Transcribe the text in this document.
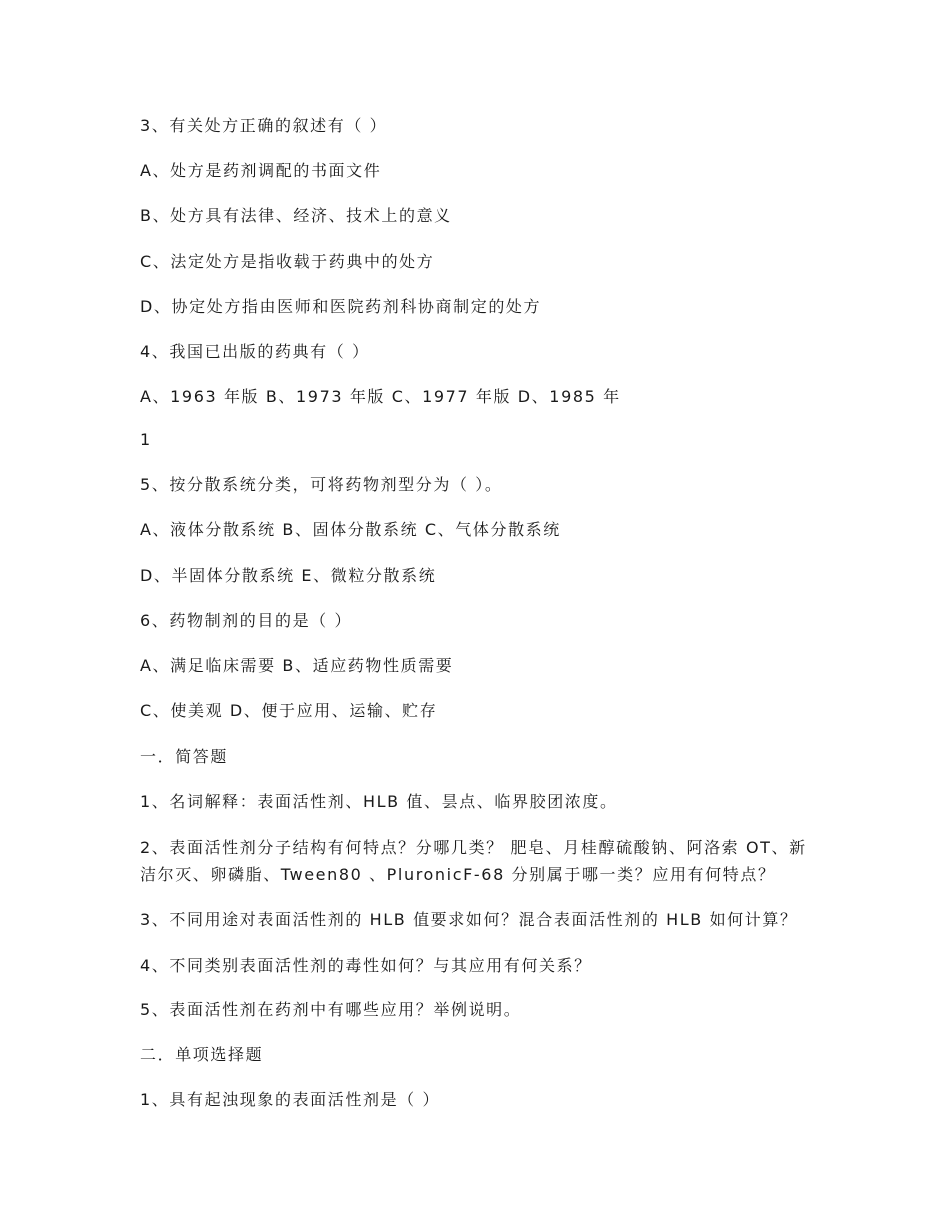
3、有关处方正确的叙述有（ ）
A、处方是药剂调配的书面文件
B、处方具有法律、经济、技术上的意义
C、法定处方是指收载于药典中的处方
D、协定处方指由医师和医院药剂科协商制定的处方
4、我国已出版的药典有（ ）
A、1963 年版 B、1973 年版 C、1977 年版 D、1985 年
1
5、按分散系统分类，可将药物剂型分为（ ）。
A、液体分散系统 B、固体分散系统 C、气体分散系统
D、半固体分散系统 E、微粒分散系统
6、药物制剂的目的是（ ）
A、满足临床需要 B、适应药物性质需要
C、使美观 D、便于应用、运输、贮存
一．简答题
1、名词解释：表面活性剂、HLB 值、昙点、临界胶团浓度。
2、表面活性剂分子结构有何特点？分哪几类？ 肥皂、月桂醇硫酸钠、阿洛索 OT、新洁尔灭、卵磷脂、Tween80 、PluronicF-68 分别属于哪一类？应用有何特点？
3、不同用途对表面活性剂的 HLB 值要求如何？混合表面活性剂的 HLB 如何计算？
4、不同类别表面活性剂的毒性如何？与其应用有何关系？
5、表面活性剂在药剂中有哪些应用？举例说明。
二．单项选择题
1、具有起浊现象的表面活性剂是（ ）
